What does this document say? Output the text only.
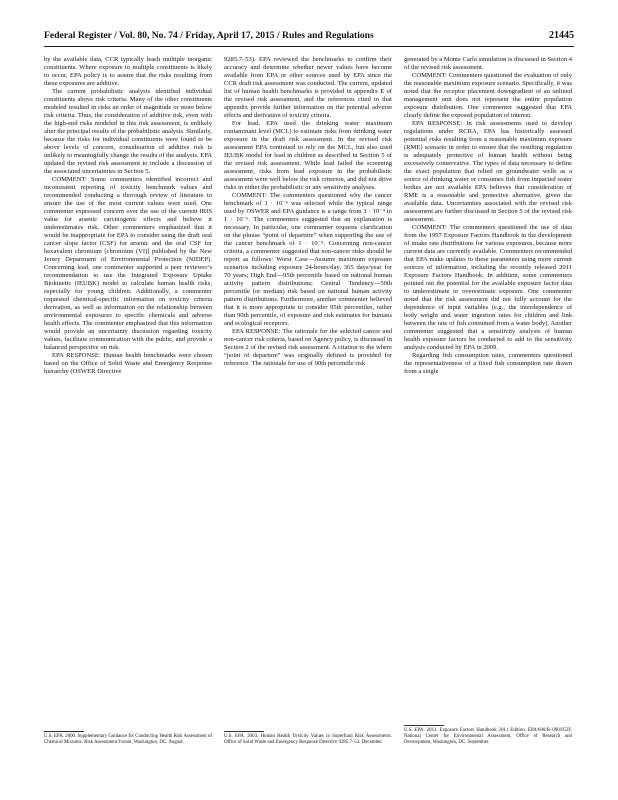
Federal Register / Vol. 80, No. 74 / Friday, April 17, 2015 / Rules and Regulations	21445

by the available data, CCR typically leach multiple inorganic constituents. Where exposure to multiple constituents is likely to occur, EPA policy is to assure that the risks resulting from these exposures are additive.

The current probabilistic analysis identified individual constituents above risk criteria. Many of the other constituents modeled resulted in risks an order of magnitude or more below risk criteria. Thus, the consideration of additive risk, even with the high-end risks modeled in this risk assessment, is unlikely alter the principal results of the probabilistic analysis. Similarly, because the risks for individual constituents were found to be above levels of concern, consideration of additive risk is unlikely to meaningfully change the results of the analysis. EPA updated the revised risk assessment to include a discussion of the associated uncertainties in Section 5.

COMMENT: Some commenters identified incorrect and inconsistent reporting of toxicity benchmark values and recommended conducting a thorough review of literature to ensure the use of the most current values were used. One commenter expressed concern over the use of the current IRIS value for arsenic carcinogenic effects and believe it underestimates risk. Other commenters emphasized that it would be inappropriate for EPA to consider using the draft oral cancer slope factor (CSF) for arsenic and the oral CSF for hexavalent chromium [chromium (VI)] published by the New Jersey Department of Environmental Protection (NJDEP). Concerning lead, one commenter supported a peer reviewer’s recommendation to use the Integrated Exposure Uptake Biokinetic (IEUBK) model to calculate human health risks, especially for young children. Additionally, a commenter requested chemical-specific information on toxicity criteria derivation, as well as information on the relationship between environmental exposures to specific chemicals and adverse health effects. The commenter emphasized that this information would provide an uncertainty discussion regarding toxicity values, facilitate communication with the public, and provide a balanced perspective on risk.

EPA RESPONSE: Human health benchmarks were chosen based on the Office of Solid Waste and Emergency Response hierarchy (OSWER Directive

U.S. EPA. 2000. Supplementary Guidance for Conducting Health Risk Assessment of Chemical Mixtures. Risk Assessment Forum, Washington, DC. August.

9285.7–53). EPA reviewed the benchmarks to confirm their accuracy and determine whether newer values have become available from EPA or other sources used by EPA since the CCR draft risk assessment was conducted. The current, updated list of human health benchmarks is provided in appendix E of the revised risk assessment, and the references cited in that appendix provide further information on the potential adverse effects and derivation of toxicity criteria.

For lead, EPA used the drinking water maximum contaminant level (MCL) to estimate risks from drinking water exposure in the draft risk assessment. In the revised risk assessment EPA continued to rely on the MCL, but also used IEUBK model for lead in children as described in Section 5 of the revised risk assessment. While lead failed the screening assessment, risks from lead exposure in the probabilistic assessment were well below the risk criterion, and did not drive risks in either the probabilistic or any sensitivity analyses.

COMMENT: The commenters questioned why the cancer benchmark of 1 · 10⁻⁵ was selected while the typical range used by OSWER and EPA guidance is a range from 1 · 10⁻⁴ to 1 · 10⁻⁶. The commenters suggested that an explanation is necessary. In particular, one commenter requests clarification on the phrase “point of departure” when supporting the use of the cancer benchmark of 1 · 10⁻⁵. Concerning non-cancer criteria, a commenter suggested that non-cancer risks should be report as follows: Worst Case—Assume maximum exposure scenarios including exposure 24-hours/day, 365 days/year for 70 years; High End—95th percentile based on national human activity pattern distributions; Central Tendency—50th percentile (or median) risk based on national human activity pattern distributions. Furthermore, another commenter believed that it is more appropriate to consider 95th percentiles, rather than 90th percentile, of exposure and risk estimates for humans and ecological receptors.

EPA RESPONSE: The rationale for the selected cancer and non-cancer risk criteria, based on Agency policy, is discussed in Section 2 of the revised risk assessment. A citation to the where “point of departure” was originally defined is provided for reference. The rationale for use of 90th percentile risk

U.S. EPA. 2003. Human Health Toxicity Values in Superfund Risk Assessments. Office of Solid Waste and Emergency Response Directive 9285.7–53. December.

generated by a Monte Carlo simulation is discussed in Section 4 of the revised risk assessment.

COMMENT: Commenters questioned the evaluation of only the reasonable maximum exposure scenario. Specifically, it was noted that the receptor placement downgradient of an unlined management unit does not represent the entire population exposure distribution. One commenter suggested that EPA clearly define the exposed population of interest.

EPA RESPONSE: In risk assessments used to develop regulations under RCRA, EPA has historically assessed potential risks resulting from a reasonable maximum exposure (RME) scenario in order to ensure that the resulting regulation is adequately protective of human health without being excessively conservative. The types of data necessary to define the exact population that relied on groundwater wells as a source of drinking water or consumes fish from impacted water bodies are not available EPA believes that consideration of RME is a reasonable and protective alternative, given the available data. Uncertainties associated with the revised risk assessment are further discussed in Section 5 of the revised risk assessment.

COMMENT: The commenters questioned the use of data from the 1997 Exposure Factors Handbook in the development of intake rate distributions for various exposures, because more current data are currently available. Commenters recommended that EPA make updates to these parameters using more current sources of information, including the recently released 2011 Exposure Factors Handbook. In addition, some commenters pointed out the potential for the available exposure factor data to underestimate or overestimate exposure. One commenter noted that the risk assessment did not fully account for the dependence of input variables (e.g., the interdependence of body weight and water ingestion rates for children and link between the rate of fish consumed from a water body). Another commenter suggested that a sensitivity analysis of human health exposure factors be conducted to add to the sensitivity analysis conducted by EPA in 2009.

Regarding fish consumption rates, commenters questioned the representativeness of a fixed fish consumption rate drawn from a single

U.S. EPA. 2011. Exposure Factors Handbook 2011 Edition. EPA/600/R–090/052F. National Center for Environmental Assessment, Office of Research and Development, Washington, DC. September.
